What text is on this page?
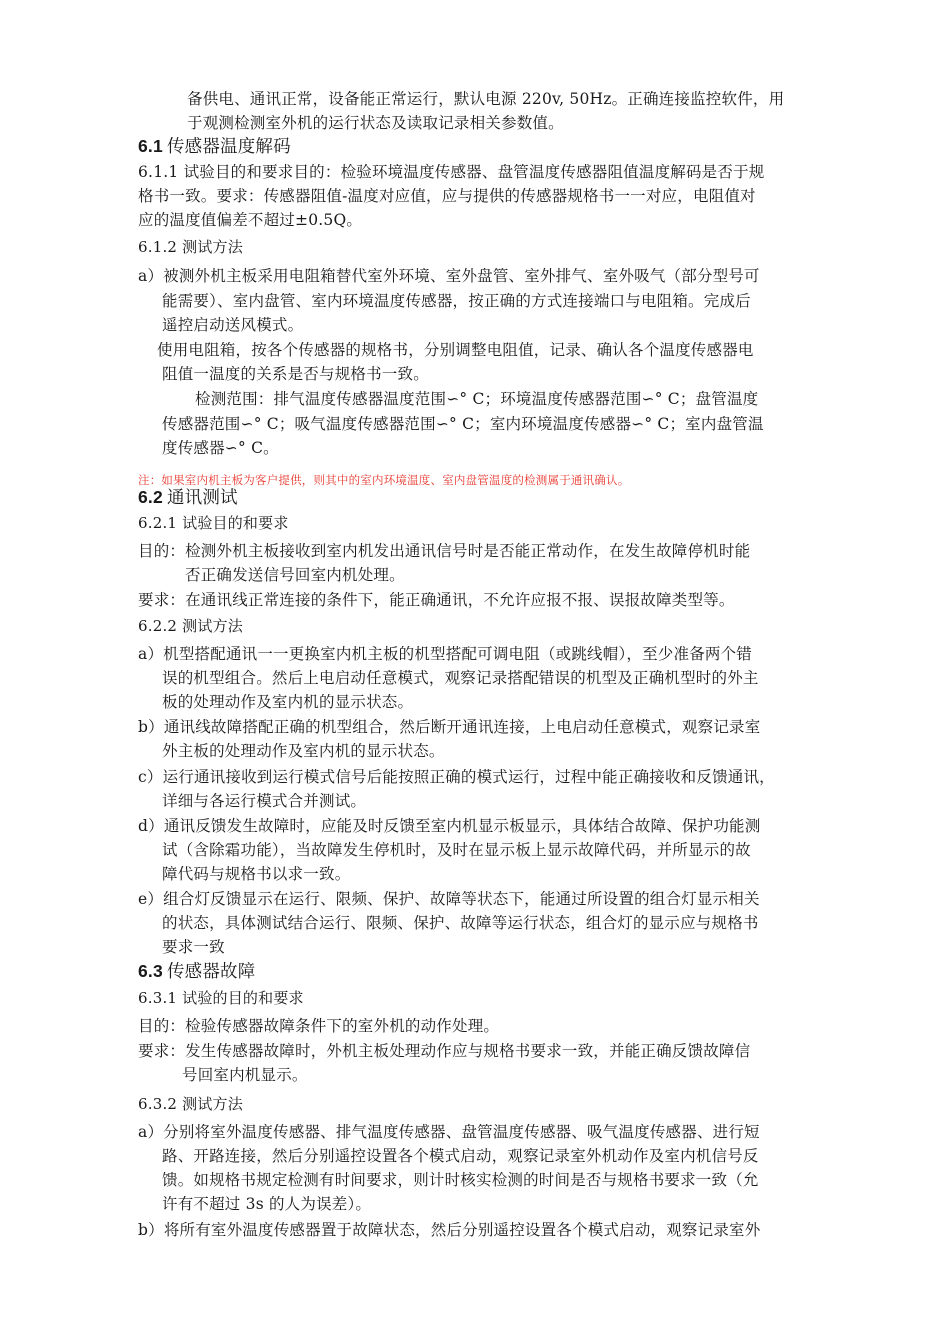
备供电、通讯正常，设备能正常运行，默认电源 220v, 50Hz。正确连接监控软件，用
于观测检测室外机的运行状态及读取记录相关参数值。
6.1 传感器温度解码
6.1.1 试验目的和要求目的：检验环境温度传感器、盘管温度传感器阻值温度解码是否于规
格书一致。要求：传感器阻值-温度对应值，应与提供的传感器规格书一一对应，电阻值对
应的温度值偏差不超过±0.5Q。
6.1.2 测试方法
a）被测外机主板采用电阻箱替代室外环境、室外盘管、室外排气、室外吸气（部分型号可
能需要）、室内盘管、室内环境温度传感器，按正确的方式连接端口与电阻箱。完成后
遥控启动送风模式。
使用电阻箱，按各个传感器的规格书，分别调整电阻值，记录、确认各个温度传感器电
阻值一温度的关系是否与规格书一致。
检测范围：排气温度传感器温度范围∽° C；环境温度传感器范围∽° C；盘管温度
传感器范围∽° C；吸气温度传感器范围∽° C；室内环境温度传感器∽° C；室内盘管温
度传感器∽° C。
注：如果室内机主板为客户提供，则其中的室内环境温度、室内盘管温度的检测属于通讯确认。
6.2 通讯测试
6.2.1 试验目的和要求
目的：检测外机主板接收到室内机发出通讯信号时是否能正常动作，在发生故障停机时能
否正确发送信号回室内机处理。
要求：在通讯线正常连接的条件下，能正确通讯，不允许应报不报、误报故障类型等。
6.2.2 测试方法
a）机型搭配通讯一一更换室内机主板的机型搭配可调电阻（或跳线帽），至少准备两个错
误的机型组合。然后上电启动任意模式，观察记录搭配错误的机型及正确机型时的外主
板的处理动作及室内机的显示状态。
b）通讯线故障搭配正确的机型组合，然后断开通讯连接，上电启动任意模式，观察记录室
外主板的处理动作及室内机的显示状态。
c）运行通讯接收到运行模式信号后能按照正确的模式运行，过程中能正确接收和反馈通讯，
详细与各运行模式合并测试。
d）通讯反馈发生故障时，应能及时反馈至室内机显示板显示，具体结合故障、保护功能测
试（含除霜功能），当故障发生停机时，及时在显示板上显示故障代码，并所显示的故
障代码与规格书以求一致。
e）组合灯反馈显示在运行、限频、保护、故障等状态下，能通过所设置的组合灯显示相关
的状态，具体测试结合运行、限频、保护、故障等运行状态，组合灯的显示应与规格书
要求一致
6.3 传感器故障
6.3.1 试验的目的和要求
目的：检验传感器故障条件下的室外机的动作处理。
要求：发生传感器故障时，外机主板处理动作应与规格书要求一致，并能正确反馈故障信
号回室内机显示。
6.3.2 测试方法
a）分别将室外温度传感器、排气温度传感器、盘管温度传感器、吸气温度传感器、进行短
路、开路连接，然后分别遥控设置各个模式启动，观察记录室外机动作及室内机信号反
馈。如规格书规定检测有时间要求，则计时核实检测的时间是否与规格书要求一致（允
许有不超过 3s 的人为误差）。
b）将所有室外温度传感器置于故障状态，然后分别遥控设置各个模式启动，观察记录室外
